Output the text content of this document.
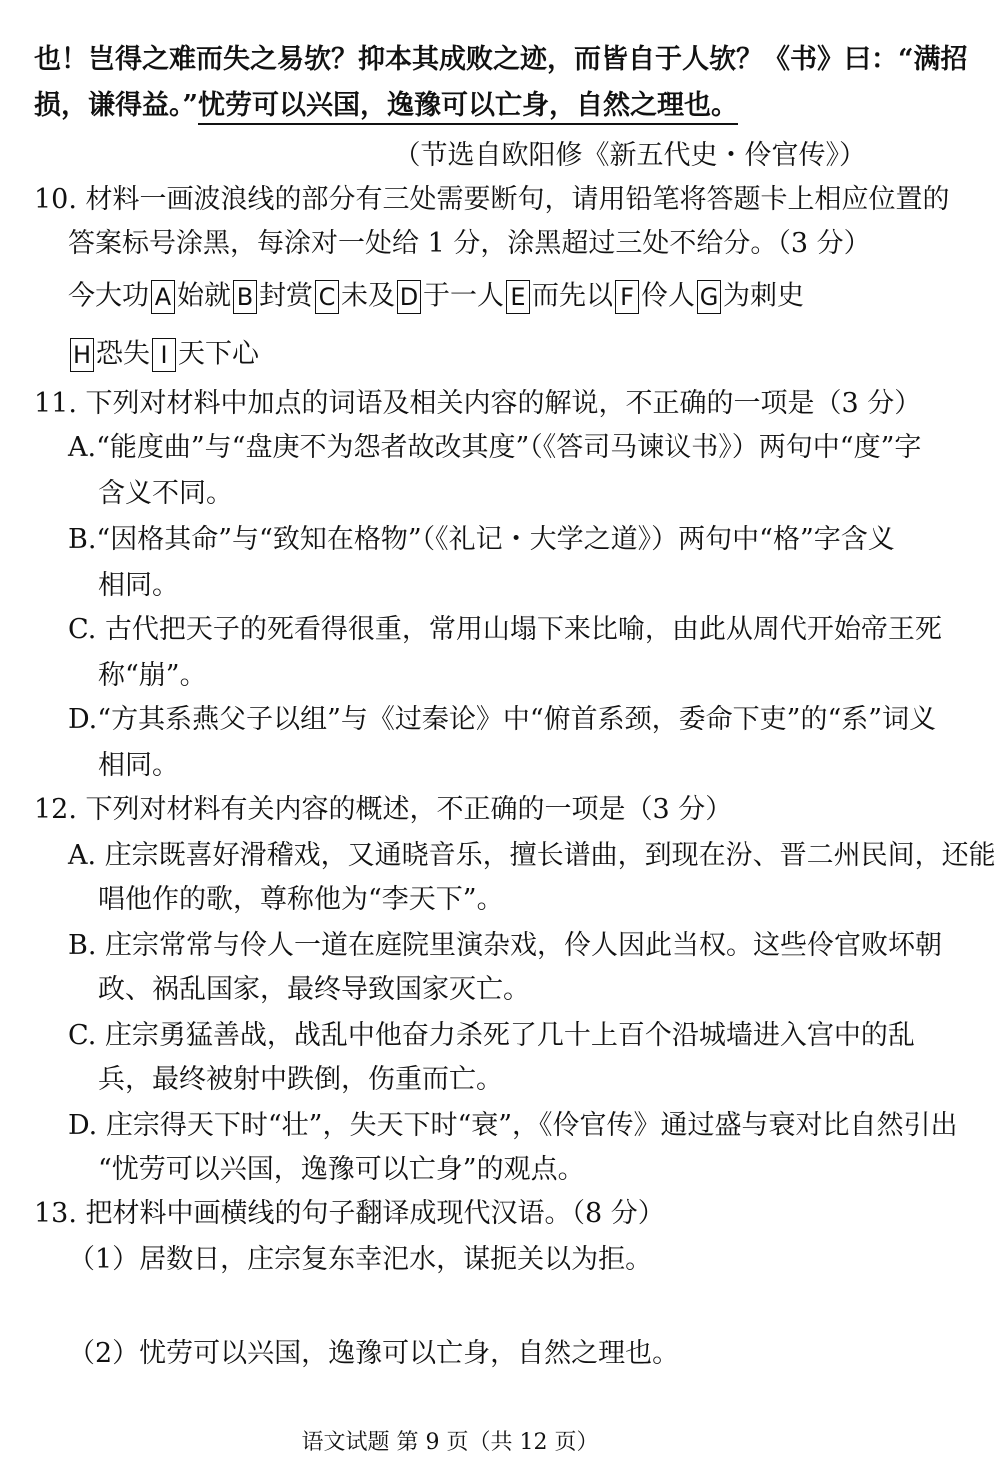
也！岂得之难而失之易欤？抑本其成败之迹，而皆自于人欤？《书》曰：“满招
损，谦得益。”忧劳可以兴国，逸豫可以亡身，自然之理也。
（节选自欧阳修《新五代史・伶官传》）
10. 材料一画波浪线的部分有三处需要断句，请用铅笔将答题卡上相应位置的
答案标号涂黑，每涂对一处给 1 分，涂黑超过三处不给分。（3 分）
今大功 A 始就 B 封赏 C 未及 D 于一人 E 而先以 F 伶人 G 为刺史
H 恐失 I 天下心
11. 下列对材料中加点的词语及相关内容的解说，不正确的一项是（3 分）
A.“能度曲”与“盘庚不为怨者故改其度”（《答司马谏议书》）两句中“度”字
含义不同。
B.“因格其命”与“致知在格物”（《礼记・大学之道》）两句中“格”字含义
相同。
C. 古代把天子的死看得很重，常用山塌下来比喻，由此从周代开始帝王死
称“崩”。
D.“方其系燕父子以组”与《过秦论》中“俯首系颈，委命下吏”的“系”词义
相同。
12. 下列对材料有关内容的概述，不正确的一项是（3 分）
A. 庄宗既喜好滑稽戏，又通晓音乐，擅长谱曲，到现在汾、晋二州民间，还能
唱他作的歌，尊称他为“李天下”。
B. 庄宗常常与伶人一道在庭院里演杂戏，伶人因此当权。这些伶官败坏朝
政、祸乱国家，最终导致国家灭亡。
C. 庄宗勇猛善战，战乱中他奋力杀死了几十上百个沿城墙进入宫中的乱
兵，最终被射中跌倒，伤重而亡。
D. 庄宗得天下时“壮”，失天下时“衰”，《伶官传》通过盛与衰对比自然引出
“忧劳可以兴国，逸豫可以亡身”的观点。
13. 把材料中画横线的句子翻译成现代汉语。（8 分）
（1）居数日，庄宗复东幸汜水，谋扼关以为拒。
（2）忧劳可以兴国，逸豫可以亡身，自然之理也。
语文试题 第 9 页（共 12 页）
